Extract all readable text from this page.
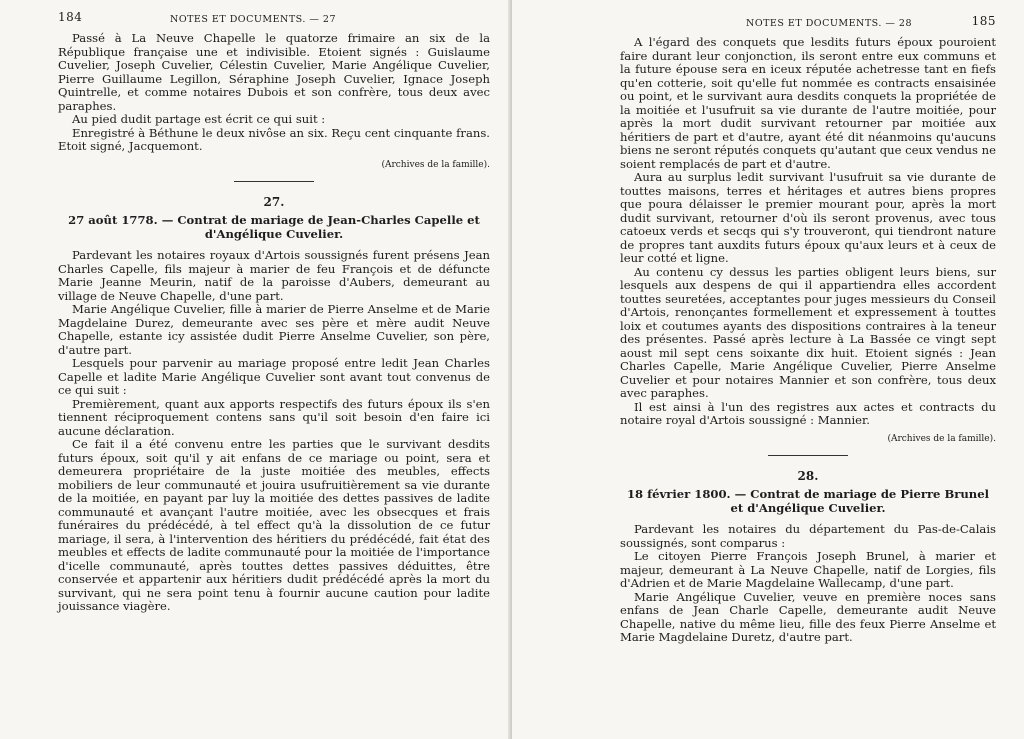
184	NOTES ET DOCUMENTS. — 27

Passé à La Neuve Chapelle le quatorze frimaire an six de la République française une et indivisible. Etoient signés : Guislaume Cuvelier, Joseph Cuvelier, Célestin Cuvelier, Marie Angélique Cuvelier, Pierre Guillaume Legillon, Séraphine Joseph Cuvelier, Ignace Joseph Quintrelle, et comme notaires Dubois et son confrère, tous deux avec paraphes.

Au pied dudit partage est écrit ce qui suit :

Enregistré à Béthune le deux nivôse an six. Reçu cent cinquante frans. Etoit signé, Jacquemont.

(Archives de la famille).

27.
27 août 1778. — Contrat de mariage de Jean-Charles Capelle et d'Angélique Cuvelier.

Pardevant les notaires royaux d'Artois soussignés furent présens Jean Charles Capelle, fils majeur à marier de feu François et de défuncte Marie Jeanne Meurin, natif de la paroisse d'Aubers, demeurant au village de Neuve Chapelle, d'une part.

Marie Angélique Cuvelier, fille à marier de Pierre Anselme et de Marie Magdelaine Durez, demeurante avec ses père et mère audit Neuve Chapelle, estante icy assistée dudit Pierre Anselme Cuvelier, son père, d'autre part.

Lesquels pour parvenir au mariage proposé entre ledit Jean Charles Capelle et ladite Marie Angélique Cuvelier sont avant tout convenus de ce qui suit :

Premièrement, quant aux apports respectifs des futurs époux ils s'en tiennent réciproquement contens sans qu'il soit besoin d'en faire ici aucune déclaration.

Ce fait il a été convenu entre les parties que le survivant desdits futurs époux, soit qu'il y ait enfans de ce mariage ou point, sera et demeurera propriétaire de la juste moitiée des meubles, effects mobiliers de leur communauté et jouira usufruitièrement sa vie durante de la moitiée, en payant par luy la moitiée des dettes passives de ladite communauté et avançant l'autre moitiée, avec les obsecques et frais funéraires du prédécédé, à tel effect qu'à la dissolution de ce futur mariage, il sera, à l'intervention des héritiers du prédécédé, fait état des meubles et effects de ladite communauté pour la moitiée de l'importance d'icelle communauté, après touttes dettes passives déduittes, être conservée et appartenir aux héritiers dudit prédécédé après la mort du survivant, qui ne sera point tenu à fournir aucune caution pour ladite jouissance viagère.

NOTES ET DOCUMENTS. — 28	185

A l'égard des conquets que lesdits futurs époux pouroient faire durant leur conjonction, ils seront entre eux communs et la future épouse sera en iceux réputée achetresse tant en fiefs qu'en cotterie, soit qu'elle fut nommée es contracts ensaisinée ou point, et le survivant aura desdits conquets la propriétée de la moitiée et l'usufruit sa vie durante de l'autre moitiée, pour après la mort dudit survivant retourner par moitiée aux héritiers de part et d'autre, ayant été dit néanmoins qu'aucuns biens ne seront réputés conquets qu'autant que ceux vendus ne soient remplacés de part et d'autre.

Aura au surplus ledit survivant l'usufruit sa vie durante de touttes maisons, terres et héritages et autres biens propres que poura délaisser le premier mourant pour, après la mort dudit survivant, retourner d'où ils seront provenus, avec tous catoeux verds et secqs qui s'y trouveront, qui tiendront nature de propres tant auxdits futurs époux qu'aux leurs et à ceux de leur cotté et ligne.

Au contenu cy dessus les parties obligent leurs biens, sur lesquels aux despens de qui il appartiendra elles accordent touttes seuretées, acceptantes pour juges messieurs du Conseil d'Artois, renonçantes formellement et expressement à touttes loix et coutumes ayants des dispositions contraires à la teneur des présentes. Passé après lecture à La Bassée ce vingt sept aoust mil sept cens soixante dix huit. Etoient signés : Jean Charles Capelle, Marie Angélique Cuvelier, Pierre Anselme Cuvelier et pour notaires Mannier et son confrère, tous deux avec paraphes.

Il est ainsi à l'un des registres aux actes et contracts du notaire royal d'Artois soussigné : Mannier.

(Archives de la famille).

28.
18 février 1800. — Contrat de mariage de Pierre Brunel et d'Angélique Cuvelier.

Pardevant les notaires du département du Pas-de-Calais soussignés, sont comparus :

Le citoyen Pierre François Joseph Brunel, à marier et majeur, demeurant à La Neuve Chapelle, natif de Lorgies, fils d'Adrien et de Marie Magdelaine Wallecamp, d'une part.

Marie Angélique Cuvelier, veuve en première noces sans enfans de Jean Charle Capelle, demeurante audit Neuve Chapelle, native du même lieu, fille des feux Pierre Anselme et Marie Magdelaine Duretz, d'autre part.
